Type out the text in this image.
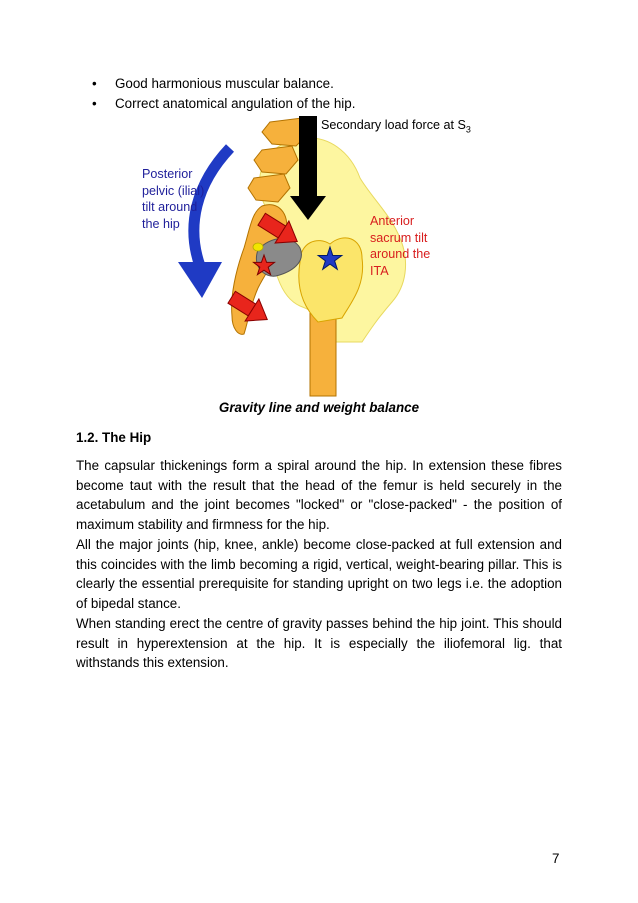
• Good harmonious muscular balance.
• Correct anatomical angulation of the hip.
Secondary load force at $S_3$
Posterior
pelvic (ilial)
tilt around
the hip	Anterior
sacrum tilt
around the
ITA
Gravity line and weight balance
1.2. The Hip

The capsular thickenings form a spiral around the hip. In extension these fibres become taut with the result that the head of the femur is held securely in the acetabulum and the joint becomes "locked" or "close-packed" - the position of maximum stability and firmness for the hip.

All the major joints (hip, knee, ankle) become close-packed at full extension and this coincides with the limb becoming a rigid, vertical, weight-bearing pillar. This is clearly the essential prerequisite for standing upright on two legs i.e. the adoption of bipedal stance.

When standing erect the centre of gravity passes behind the hip joint. This should result in hyperextension at the hip. It is especially the iliofemoral lig. that withstands this extension.

7
